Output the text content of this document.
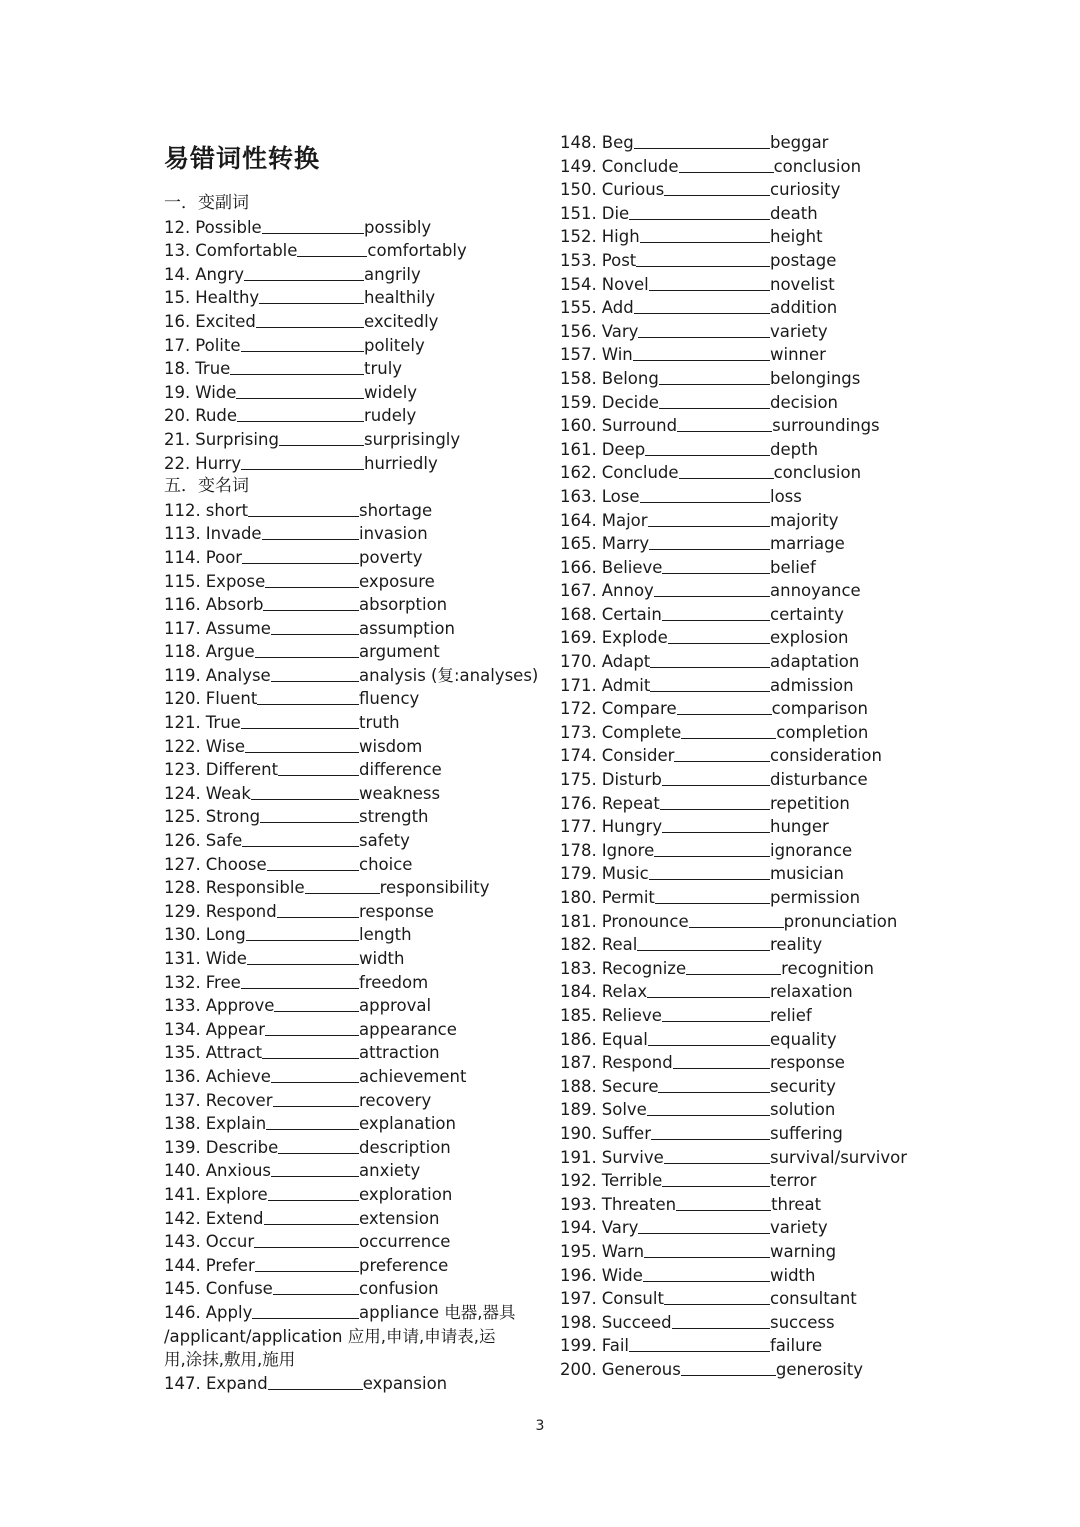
易错词性转换
一．变副词
12. Possible	possibly
13. Comfortable	comfortably
14. Angry	angrily
15. Healthy	healthily
16. Excited	excitedly
17. Polite	politely
18. True	truly
19. Wide	widely
20. Rude	rudely
21. Surprising	surprisingly
22. Hurry	hurriedly
五．变名词
112. short	shortage
113. Invade	invasion
114. Poor	poverty
115. Expose	exposure
116. Absorb	absorption
117. Assume	assumption
118. Argue	argument
119. Analyse	analysis (复:analyses)
120. Fluent	fluency
121. True	truth
122. Wise	wisdom
123. Different	difference
124. Weak	weakness
125. Strong	strength
126. Safe	safety
127. Choose	choice
128. Responsible	responsibility
129. Respond	response
130. Long	length
131. Wide	width
132. Free	freedom
133. Approve	approval
134. Appear	appearance
135. Attract	attraction
136. Achieve	achievement
137. Recover	recovery
138. Explain	explanation
139. Describe	description
140. Anxious	anxiety
141. Explore	exploration
142. Extend	extension
143. Occur	occurrence
144. Prefer	preference
145. Confuse	confusion
146. Apply	appliance 电器,器具
/applicant/application 应用,申请,申请表,运
用,涂抹,敷用,施用
147. Expand	expansion
148. Beg	beggar
149. Conclude	conclusion
150. Curious	curiosity
151. Die	death
152. High	height
153. Post	postage
154. Novel	novelist
155. Add	addition
156. Vary	variety
157. Win	winner
158. Belong	belongings
159. Decide	decision
160. Surround	surroundings
161. Deep	depth
162. Conclude	conclusion
163. Lose	loss
164. Major	majority
165. Marry	marriage
166. Believe	belief
167. Annoy	annoyance
168. Certain	certainty
169. Explode	explosion
170. Adapt	adaptation
171. Admit	admission
172. Compare	comparison
173. Complete	completion
174. Consider	consideration
175. Disturb	disturbance
176. Repeat	repetition
177. Hungry	hunger
178. Ignore	ignorance
179. Music	musician
180. Permit	permission
181. Pronounce	pronunciation
182. Real	reality
183. Recognize	recognition
184. Relax	relaxation
185. Relieve	relief
186. Equal	equality
187. Respond	response
188. Secure	security
189. Solve	solution
190. Suffer	suffering
191. Survive	survival/survivor
192. Terrible	terror
193. Threaten	threat
194. Vary	variety
195. Warn	warning
196. Wide	width
197. Consult	consultant
198. Succeed	success
199. Fail	failure
200. Generous	generosity
3
